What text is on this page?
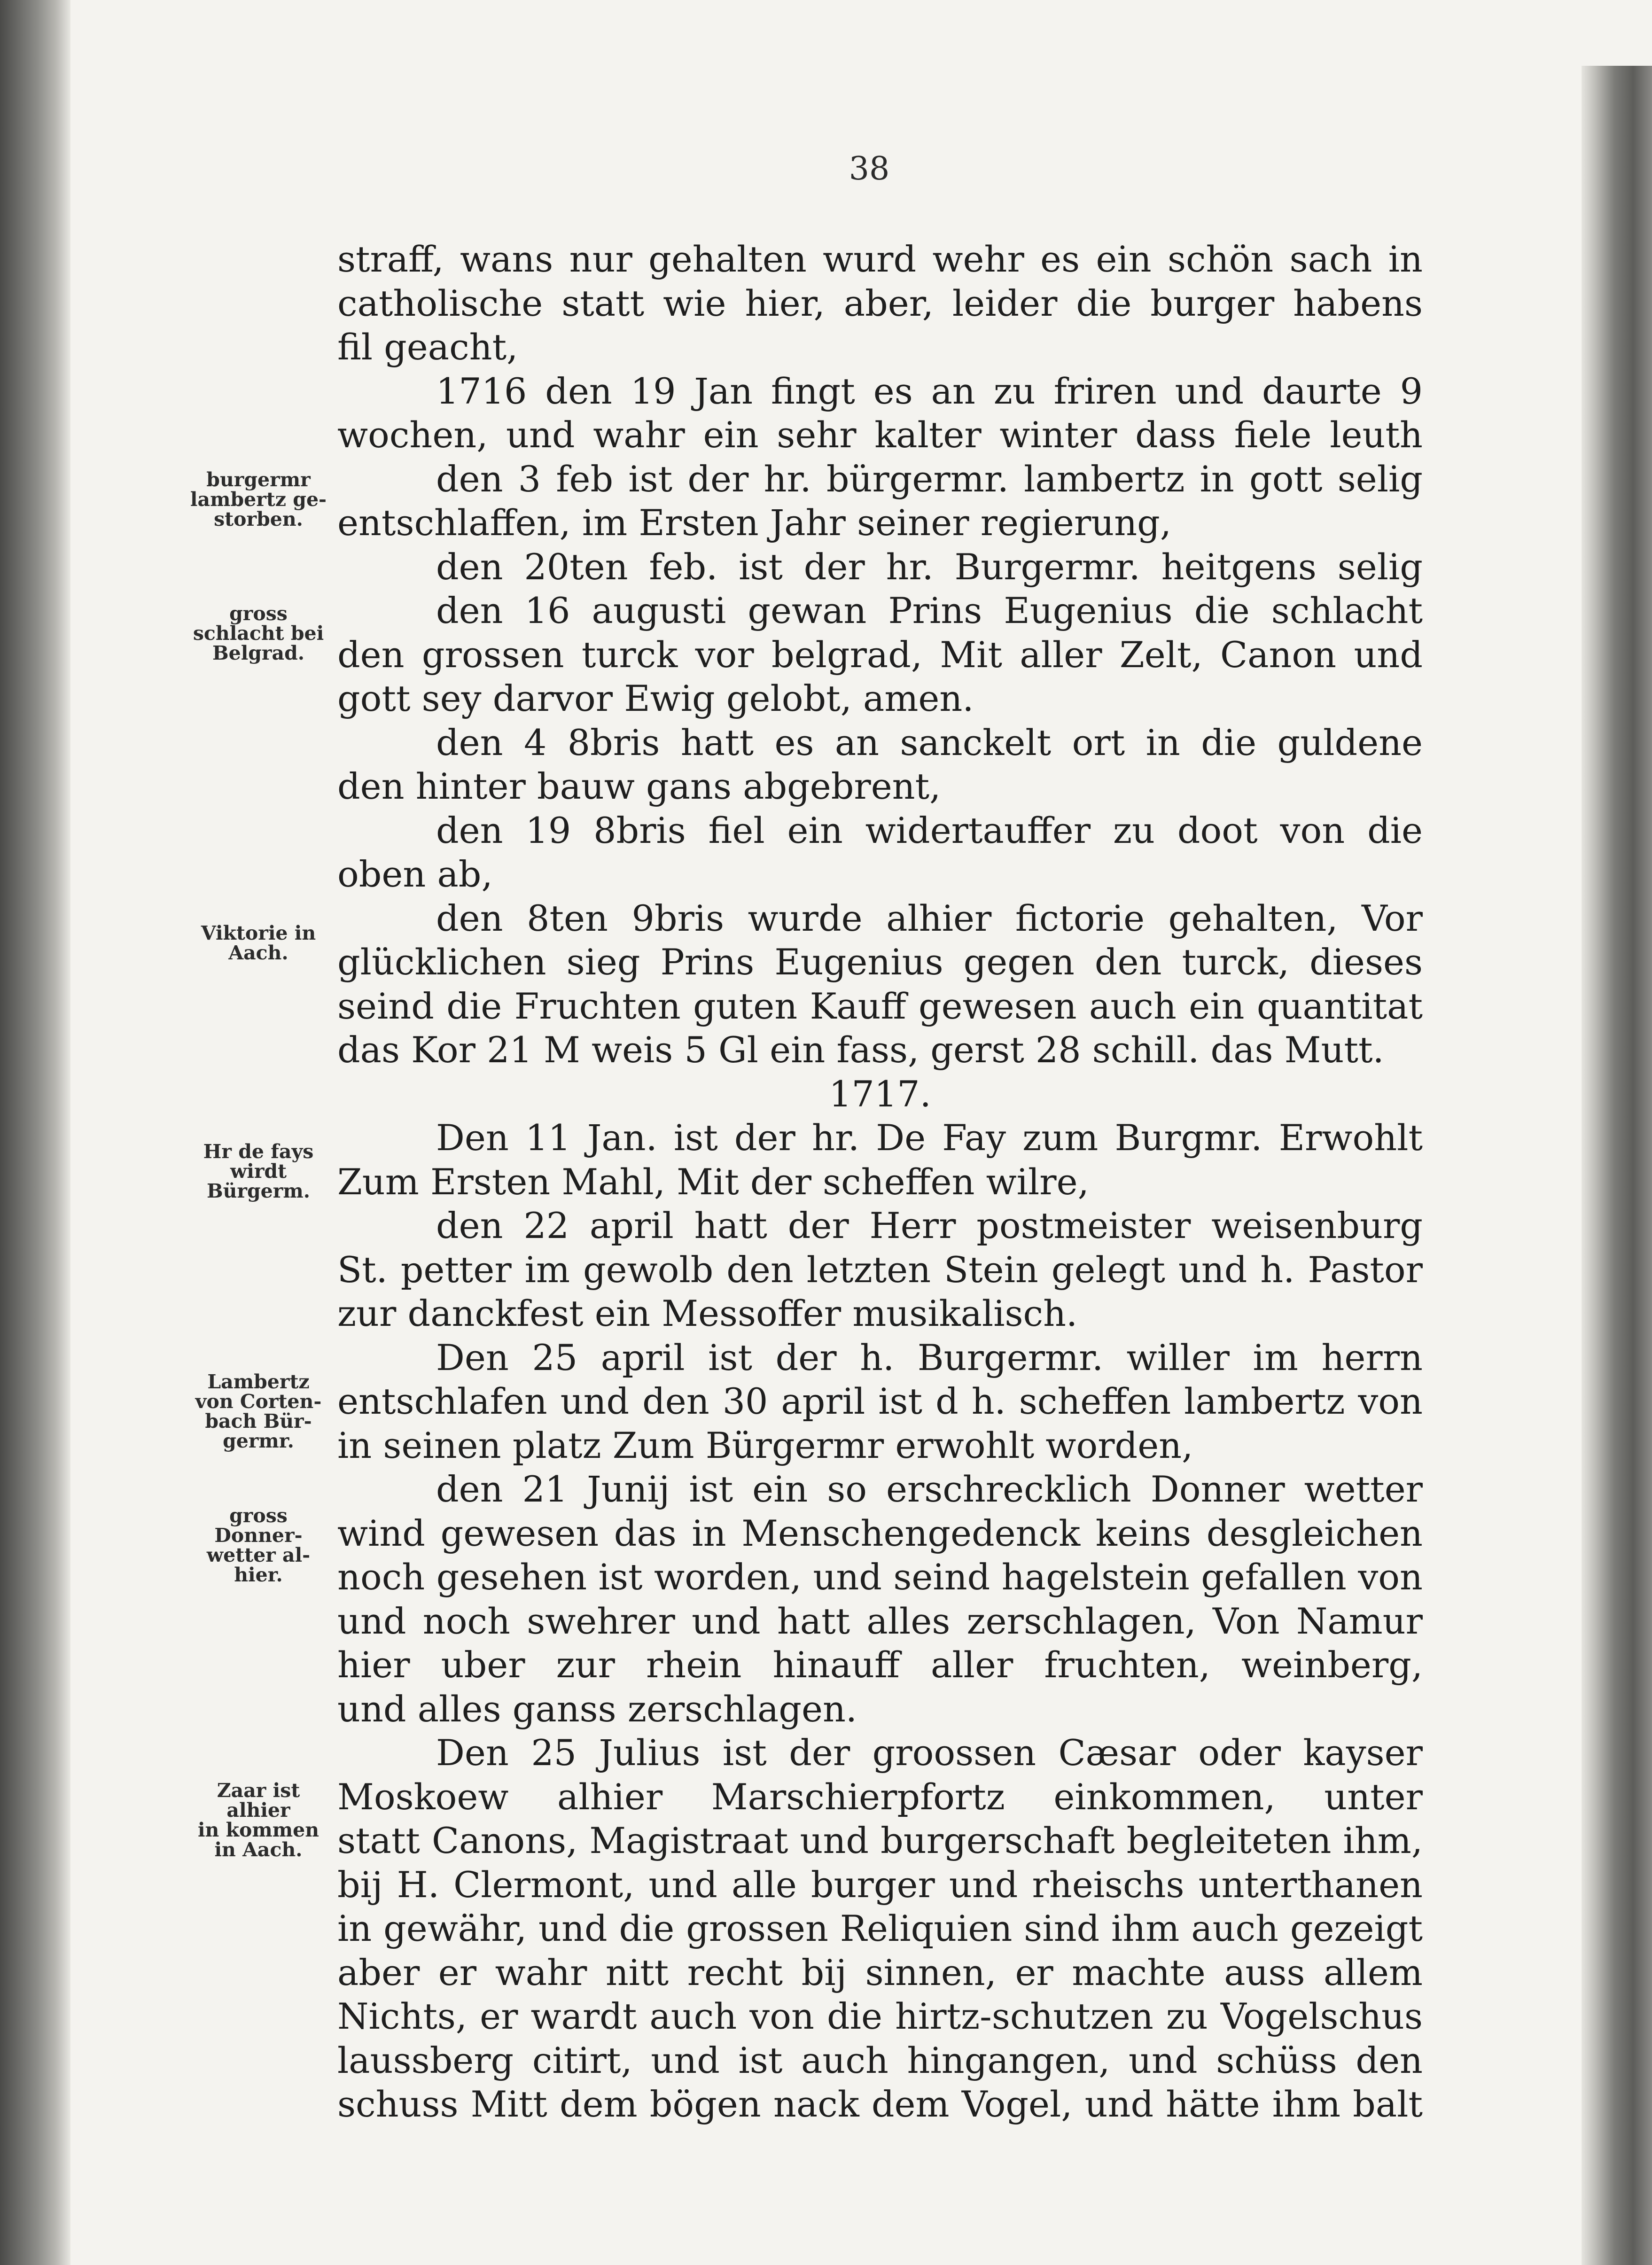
38
straff, wans nur gehalten wurd wehr es ein schön sach in
catholische statt wie hier, aber, leider die burger habens
fil geacht,
1716 den 19 Jan fingt es an zu friren und daurte 9
wochen, und wahr ein sehr kalter winter dass fiele leuth
den 3 feb ist der hr. bürgermr. lambertz in gott selig
entschlaffen, im Ersten Jahr seiner regierung,
den 20ten feb. ist der hr. Burgermr. heitgens selig
den 16 augusti gewan Prins Eugenius die schlacht
den grossen turck vor belgrad, Mit aller Zelt, Canon und
gott sey darvor Ewig gelobt, amen.
den 4 8bris hatt es an sanckelt ort in die guldene
den hinter bauw gans abgebrent,
den 19 8bris fiel ein widertauffer zu doot von die
oben ab,
den 8ten 9bris wurde alhier fictorie gehalten, Vor
glücklichen sieg Prins Eugenius gegen den turck, dieses
seind die Fruchten guten Kauff gewesen auch ein quantitat
das Kor 21 M weis 5 Gl ein fass, gerst 28 schill. das Mutt.
1717.
Den 11 Jan. ist der hr. De Fay zum Burgmr. Erwohlt
Zum Ersten Mahl, Mit der scheffen wilre,
den 22 april hatt der Herr postmeister weisenburg
St. petter im gewolb den letzten Stein gelegt und h. Pastor
zur danckfest ein Messoffer musikalisch.
Den 25 april ist der h. Burgermr. willer im herrn
entschlafen und den 30 april ist d h. scheffen lambertz von
in seinen platz Zum Bürgermr erwohlt worden,
den 21 Junij ist ein so erschrecklich Donner wetter
wind gewesen das in Menschengedenck keins desgleichen
noch gesehen ist worden, und seind hagelstein gefallen von
und noch swehrer und hatt alles zerschlagen, Von Namur
hier uber zur rhein hinauff aller fruchten, weinberg,
und alles ganss zerschlagen.
Den 25 Julius ist der groossen Cæsar oder kayser
Moskoew alhier Marschierpfortz einkommen, unter
statt Canons, Magistraat und burgerschaft begleiteten ihm,
bij H. Clermont, und alle burger und rheischs unterthanen
in gewähr, und die grossen Reliquien sind ihm auch gezeigt
aber er wahr nitt recht bij sinnen, er machte auss allem
Nichts, er wardt auch von die hirtz-schutzen zu Vogelschus
laussberg citirt, und ist auch hingangen, und schüss den
schuss Mitt dem bögen nack dem Vogel, und hätte ihm balt
burgermr
lambertz ge-
storben.
gross
schlacht bei
Belgrad.
Viktorie in
Aach.
Hr de fays
wirdt
Bürgerm.
Lambertz
von Corten-
bach Bür-
germr.
gross
Donner-
wetter al-
hier.
Zaar ist
alhier
in kommen
in Aach.
